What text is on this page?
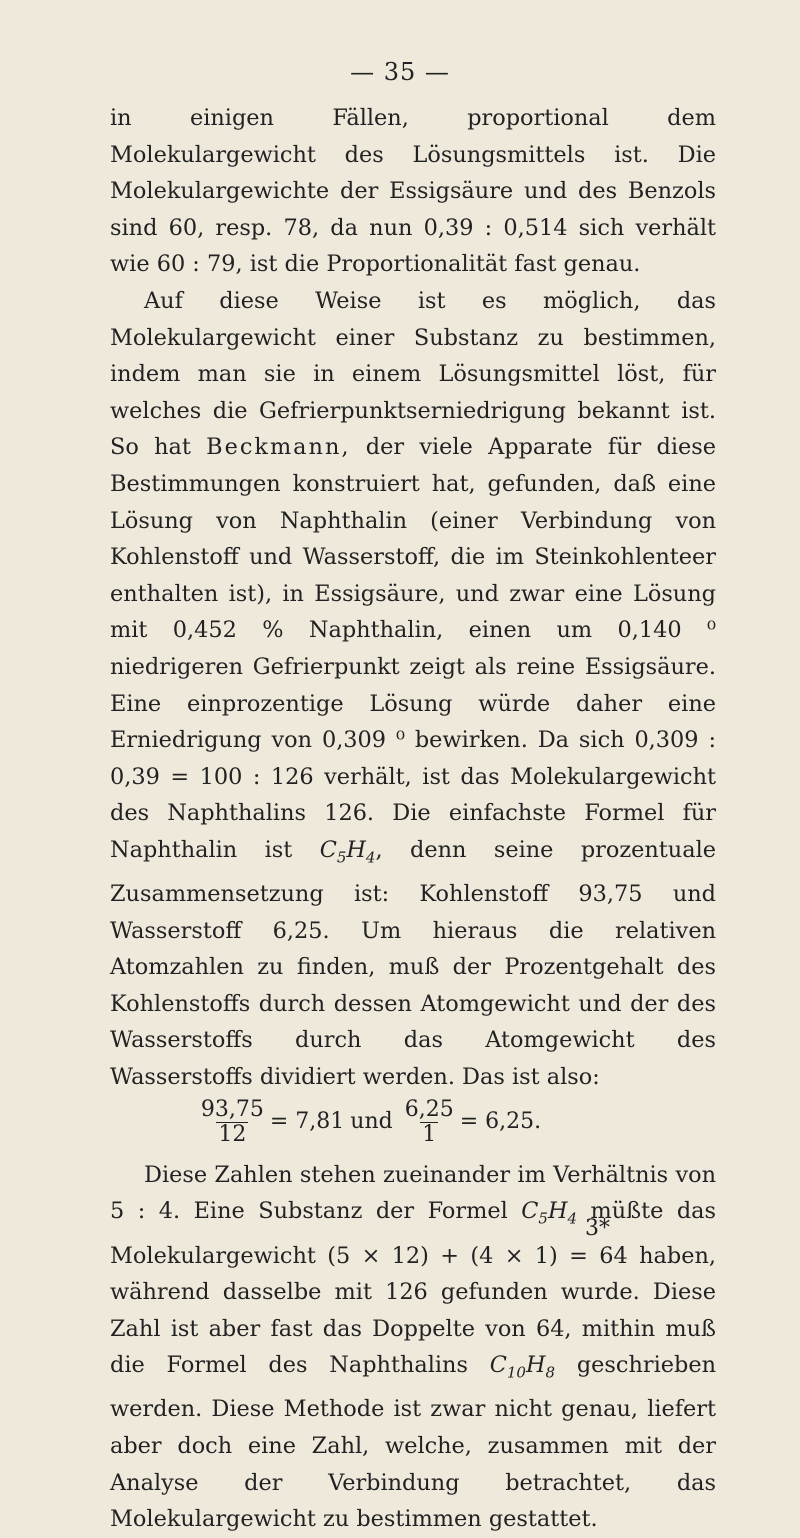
— 35 —

in einigen Fällen, proportional dem Molekulargewicht des Lösungsmittels ist. Die Molekulargewichte der Essigsäure und des Benzols sind 60, resp. 78, da nun 0,39 : 0,514 sich verhält wie 60 : 79, ist die Proportionalität fast genau.

Auf diese Weise ist es möglich, das Molekulargewicht einer Substanz zu bestimmen, indem man sie in einem Lösungsmittel löst, für welches die Gefrierpunktserniedrigung bekannt ist. So hat Beckmann, der viele Apparate für diese Bestimmungen konstruiert hat, gefunden, daß eine Lösung von Naphthalin (einer Verbindung von Kohlenstoff und Wasserstoff, die im Steinkohlenteer enthalten ist), in Essigsäure, und zwar eine Lösung mit 0,452 % Naphthalin, einen um 0,140 ⁰ niedrigeren Gefrierpunkt zeigt als reine Essigsäure. Eine einprozentige Lösung würde daher eine Erniedrigung von 0,309 ⁰ bewirken. Da sich 0,309 : 0,39 = 100 : 126 verhält, ist das Molekulargewicht des Naphthalins 126. Die einfachste Formel für Naphthalin ist $C_5H_4$, denn seine prozentuale Zusammensetzung ist: Kohlenstoff 93,75 und Wasserstoff 6,25. Um hieraus die relativen Atomzahlen zu finden, muß der Prozentgehalt des Kohlenstoffs durch dessen Atomgewicht und der des Wasserstoffs durch das Atomgewicht des Wasserstoffs dividiert werden. Das ist also:

$\frac{93,75}{12} = 7,81$ und $\frac{6,25}{1} = 6,25$.

Diese Zahlen stehen zueinander im Verhältnis von 5 : 4. Eine Substanz der Formel $C_5H_4$ müßte das Molekulargewicht (5 × 12) + (4 × 1) = 64 haben, während dasselbe mit 126 gefunden wurde. Diese Zahl ist aber fast das Doppelte von 64, mithin muß die Formel des Naphthalins $C_{10}H_8$ geschrieben werden. Diese Methode ist zwar nicht genau, liefert aber doch eine Zahl, welche, zusammen mit der Analyse der Verbindung betrachtet, das Molekulargewicht zu bestimmen gestattet.

3*
